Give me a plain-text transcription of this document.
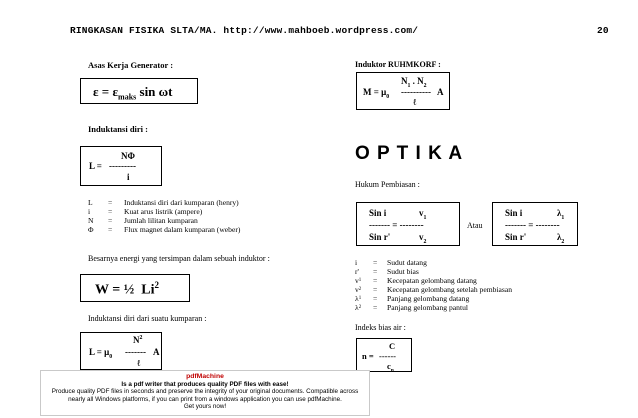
RINGKASAN FISIKA SLTA/MA. http://www.mahboeb.wordpress.com/	20
Asas Kerja Generator :
$\varepsilon = \varepsilon_{maks}$ sin ωt
Induktansi diri :
NΦ
L = ---------
i
L = Induktansi diri dari kumparan (henry)
i = Kuat arus listrik (ampere)
N = Jumlah lilitan kumparan
Φ = Flux magnet dalam kumparan (weber)
Besarnya energi yang tersimpan dalam sebuah induktor :
W = ½  Li$^2$
Induktansi diri dari suatu kumparan :
$N^2$
$L = \mu_0$ ------- A
ℓ
Induktor RUHMKORF :
$N_1$ . $N_2$
$M = \mu_0$ ---------- A
ℓ
O P T I K A
Hukum Pembiasan :
Sin i	$v_1$
------- = --------
Sin r'	$v_2$
Atau
Sin i	$\lambda_1$
------- = --------
Sin r'	$\lambda_2$
i = Sudut datang
r' = Sudut bias
v 1 = Kecepatan gelombang datang
v 2 = Kecepatan gelombang setelah pembiasan
λ 1 = Panjang gelombang datang
λ 2 = Panjang gelombang pantul
Indeks bias air :
C
n = ------
$c_n$
pdfMachine
Is a pdf writer that produces quality PDF files with ease!
Produce quality PDF files in seconds and preserve the integrity of your original documents. Compatible across
nearly all Windows platforms, if you can print from a windows application you can use pdfMachine.
Get yours now!
